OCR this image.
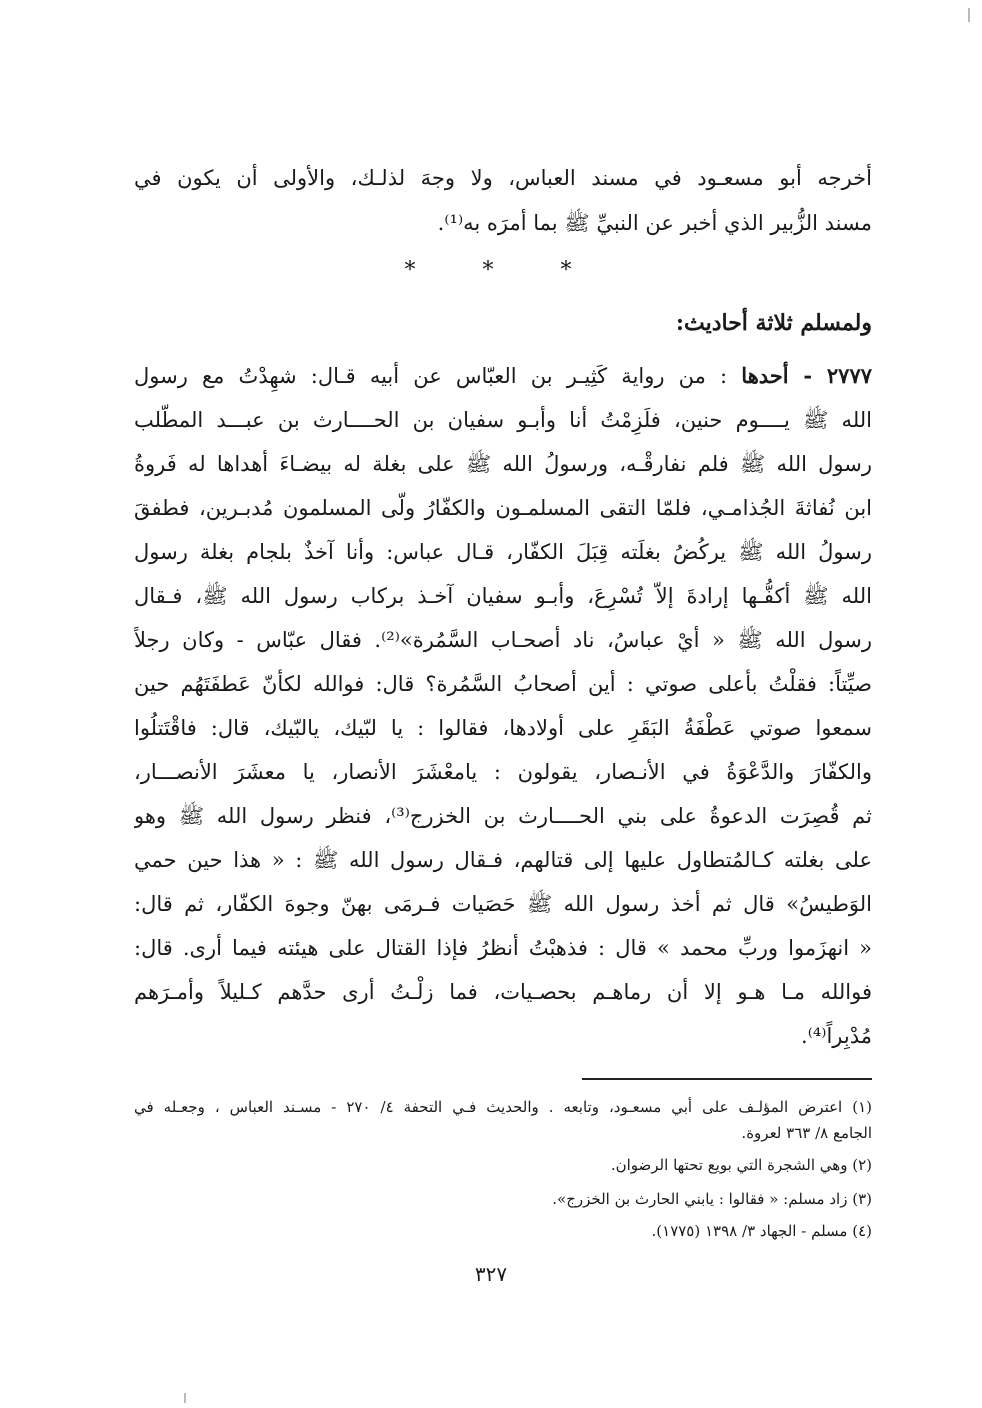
أخرجه أبو مسعـود في مسند العباس، ولا وجهَ لذلـك، والأولى أن يكون في
مسند الزُّبير الذي أخبر عن النبيِّ ﷺ بما أمرَه به⁽¹⁾.
* * *
ولمسلم ثلاثة أحاديث:
٢٧٧٧ - أحدها : من رواية كَثِيـر بن العبّاس عن أبيه قـال: شهِدْتُ مع رسول
الله ﷺ يــــوم حنين، فلَزِمْتُ أنا وأبـو سفيان بن الحــــارث بن عبـــد المطّلب
رسول الله ﷺ فلم نفارقْـه، ورسولُ الله ﷺ على بغلة له بيضـاءَ أهداها له فَروةُ
ابن نُفاثةَ الجُذامـي، فلمّا التقى المسلمـون والكفّارُ ولّى المسلمون مُدبـرين، فطفقَ
رسولُ الله ﷺ يركُضُ بغلَته قِبَلَ الكفّار، قـال عباس: وأنا آخذٌ بلجام بغلة رسول
الله ﷺ أكفُّـها إرادةَ إلاّ تُسْرِعَ، وأبـو سفيان آخـذ بركاب رسول الله ﷺ، فـقال
رسول الله ﷺ « أيْ عباسُ، ناد أصحـاب السَّمُرة»⁽²⁾. فقال عبّاس - وكان رجلاً
صيِّتاً: فقلْتُ بأعلى صوتي : أين أصحابُ السَّمُرة؟ قال: فوالله لكأنّ عَطفَتَهُم حين
سمعوا صوتي عَطْفَةُ البَقَرِ على أولادها، فقالوا : يا لبّيك، يالبّيك، قال: فاقْتَتلُوا
والكفّارَ والدَّعْوَةُ في الأنـصار، يقولون : يامعْشَرَ الأنصار، يا معشَرَ الأنصـــار،
ثم قُصِرَت الدعوةُ على بني الحــــارث بن الخزرج⁽³⁾، فنظر رسول الله ﷺ وهو
على بغلته كـالمُتطاول عليها إلى قتالهم، فـقال رسول الله ﷺ : « هذا حين حمي
الوَطيسُ» قال ثم أخذ رسول الله ﷺ حَصَيات فـرمَى بهنّ وجوهَ الكفّار، ثم قال:
« انهزَموا وربِّ محمد » قال : فذهبْتُ أنظرُ فإذا القتال على هيئته فيما أرى. قال:
فوالله مـا هـو إلا أن رماهـم بحصـيات، فما زلْـتُ أرى حدَّهم كـليلاً وأمـرَهم
مُدْبِراً⁽⁴⁾.
(١) اعترض المؤلـف على أبي مسعـود، وتابعه . والحديث فـي التحفة ٤/ ٢٧٠ - مسـند العباس ، وجعـله في
الجامع ٨/ ٣٦٣ لعروة.
(٢) وهي الشجرة التي بويع تحتها الرضوان.
(٣) زاد مسلم: « فقالوا : يابني الحارث بن الخزرج».
(٤) مسلم - الجهاد ٣/ ١٣٩٨ (١٧٧٥).
٣٢٧
